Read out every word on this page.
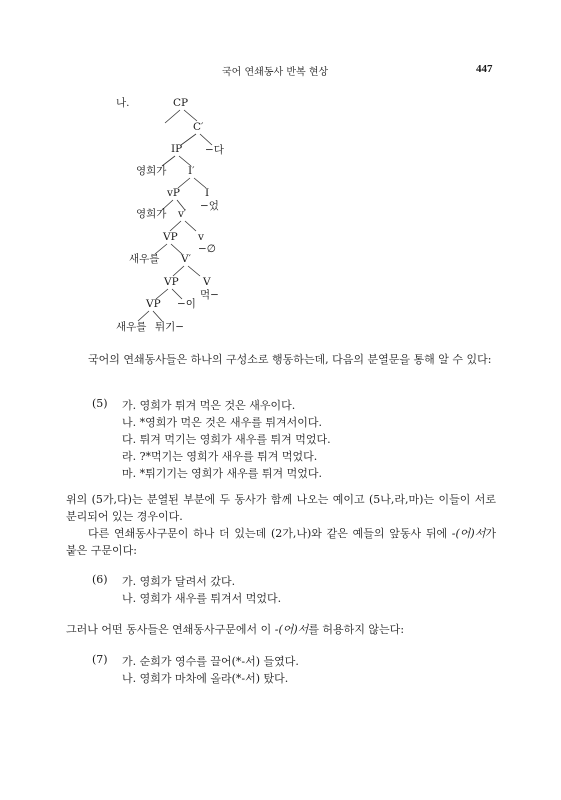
국어 연쇄동사 반복 현상	447
나.	CP
C′
IP −다
영희가 I′
vP I
−었
영희가 v′
VP v
−∅
새우를 V′
VP V
먹−
VP −이
새우를 튀기−
국어의 연쇄동사들은 하나의 구성소로 행동하는데, 다음의 분열문을 통해 알 수 있다:
(5) 가. 영희가 튀겨 먹은 것은 새우이다.
나. *영희가 먹은 것은 새우를 튀겨서이다.
다. 튀겨 먹기는 영희가 새우를 튀겨 먹었다.
라. ?*먹기는 영희가 새우를 튀겨 먹었다.
마. *튀기기는 영희가 새우를 튀겨 먹었다.
위의 (5가,다)는 분열된 부분에 두 동사가 함께 나오는 예이고 (5나,라,마)는 이들이 서로 분리되어 있는 경우이다.
다른 연쇄동사구문이 하나 더 있는데 (2가,나)와 같은 예들의 앞동사 뒤에 -(어)서가 붙은 구문이다:
(6) 가. 영희가 달려서 갔다.
나. 영희가 새우를 튀겨서 먹었다.
그러나 어떤 동사들은 연쇄동사구문에서 이 -(어)서를 허용하지 않는다:
(7) 가. 순희가 영수를 끌어(*-서) 들였다.
나. 영희가 마차에 올라(*-서) 탔다.
